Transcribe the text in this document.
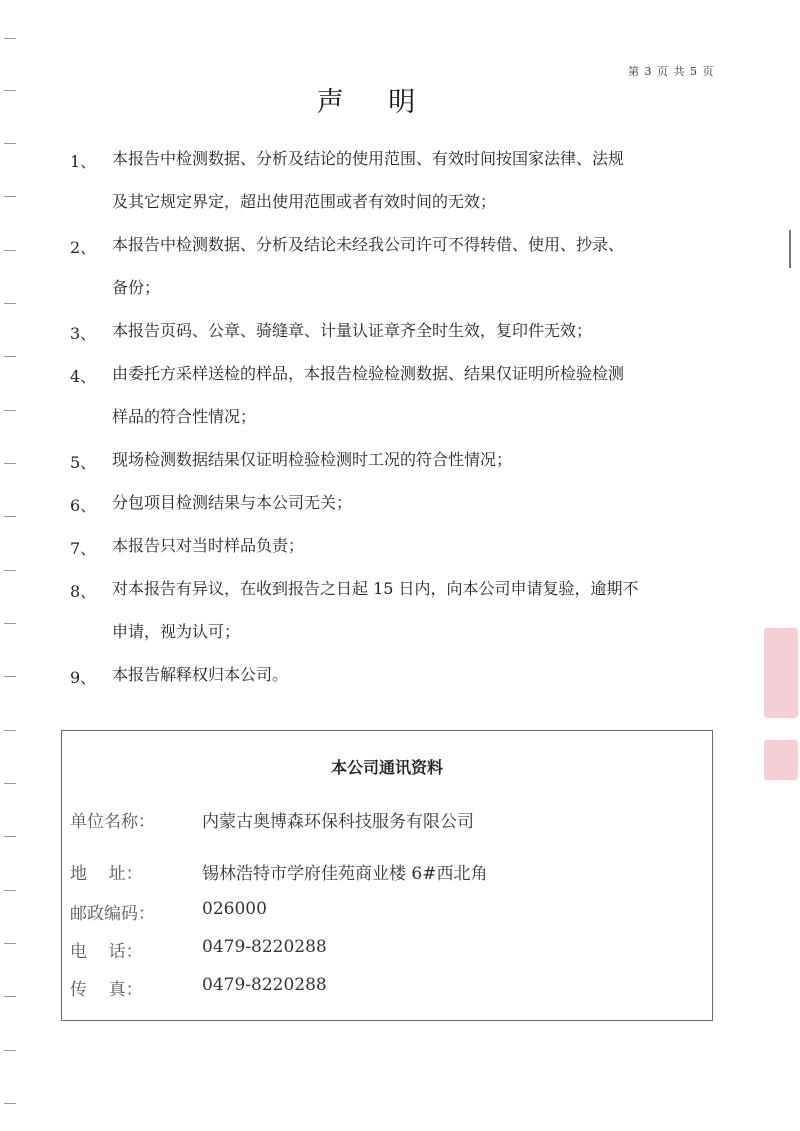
第 3 页 共 5 页
声 明
1、 本报告中检测数据、分析及结论的使用范围、有效时间按国家法律、法规
及其它规定界定，超出使用范围或者有效时间的无效；
2、 本报告中检测数据、分析及结论未经我公司许可不得转借、使用、抄录、
备份；
3、 本报告页码、公章、骑缝章、计量认证章齐全时生效，复印件无效；
4、 由委托方采样送检的样品，本报告检验检测数据、结果仅证明所检验检测
样品的符合性情况；
5、 现场检测数据结果仅证明检验检测时工况的符合性情况；
6、 分包项目检测结果与本公司无关；
7、 本报告只对当时样品负责；
8、 对本报告有异议，在收到报告之日起 15 日内，向本公司申请复验，逾期不
申请，视为认可；
9、 本报告解释权归本公司。
本公司通讯资料
单位名称：	内蒙古奥博森环保科技服务有限公司
地    址：	锡林浩特市学府佳苑商业楼 6#西北角
邮政编码：	026000
电    话：	0479-8220288
传    真：	0479-8220288
